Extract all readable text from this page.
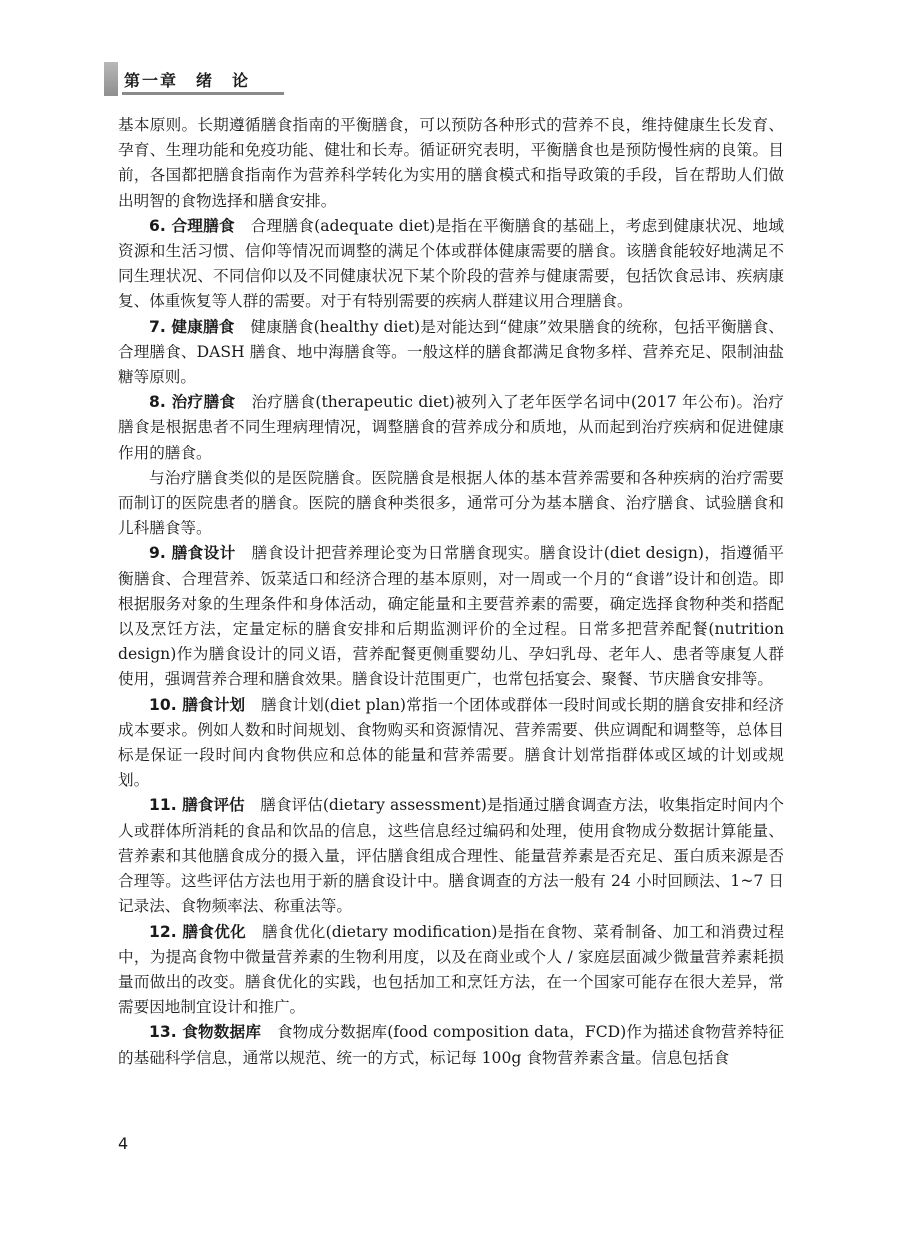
第一章　绪　论

基本原则。长期遵循膳食指南的平衡膳食，可以预防各种形式的营养不良，维持健康生长发育、孕育、生理功能和免疫功能、健壮和长寿。循证研究表明，平衡膳食也是预防慢性病的良策。目前，各国都把膳食指南作为营养科学转化为实用的膳食模式和指导政策的手段，旨在帮助人们做出明智的食物选择和膳食安排。

6. 合理膳食　 合理膳食(adequate diet)是指在平衡膳食的基础上，考虑到健康状况、地域资源和生活习惯、信仰等情况而调整的满足个体或群体健康需要的膳食。该膳食能较好地满足不同生理状况、不同信仰以及不同健康状况下某个阶段的营养与健康需要，包括饮食忌讳、疾病康复、体重恢复等人群的需要。对于有特别需要的疾病人群建议用合理膳食。

7. 健康膳食　 健康膳食(healthy diet)是对能达到“健康”效果膳食的统称，包括平衡膳食、合理膳食、DASH 膳食、地中海膳食等。一般这样的膳食都满足食物多样、营养充足、限制油盐糖等原则。

8. 治疗膳食　 治疗膳食(therapeutic diet)被列入了老年医学名词中(2017 年公布)。治疗膳食是根据患者不同生理病理情况，调整膳食的营养成分和质地，从而起到治疗疾病和促进健康作用的膳食。

与治疗膳食类似的是医院膳食。医院膳食是根据人体的基本营养需要和各种疾病的治疗需要而制订的医院患者的膳食。医院的膳食种类很多，通常可分为基本膳食、治疗膳食、试验膳食和儿科膳食等。

9. 膳食设计　 膳食设计把营养理论变为日常膳食现实。膳食设计(diet design)，指遵循平衡膳食、合理营养、饭菜适口和经济合理的基本原则，对一周或一个月的“食谱”设计和创造。即根据服务对象的生理条件和身体活动，确定能量和主要营养素的需要，确定选择食物种类和搭配以及烹饪方法，定量定标的膳食安排和后期监测评价的全过程。日常多把营养配餐(nutrition design)作为膳食设计的同义语，营养配餐更侧重婴幼儿、孕妇乳母、老年人、患者等康复人群使用，强调营养合理和膳食效果。膳食设计范围更广，也常包括宴会、聚餐、节庆膳食安排等。

10. 膳食计划　 膳食计划(diet plan)常指一个团体或群体一段时间或长期的膳食安排和经济成本要求。例如人数和时间规划、食物购买和资源情况、营养需要、供应调配和调整等，总体目标是保证一段时间内食物供应和总体的能量和营养需要。膳食计划常指群体或区域的计划或规划。

11. 膳食评估　 膳食评估(dietary assessment)是指通过膳食调查方法，收集指定时间内个人或群体所消耗的食品和饮品的信息，这些信息经过编码和处理，使用食物成分数据计算能量、营养素和其他膳食成分的摄入量，评估膳食组成合理性、能量营养素是否充足、蛋白质来源是否合理等。这些评估方法也用于新的膳食设计中。膳食调查的方法一般有 24 小时回顾法、1~7 日记录法、食物频率法、称重法等。

12. 膳食优化　 膳食优化(dietary modification)是指在食物、菜肴制备、加工和消费过程中，为提高食物中微量营养素的生物利用度，以及在商业或个人 / 家庭层面减少微量营养素耗损量而做出的改变。膳食优化的实践，也包括加工和烹饪方法，在一个国家可能存在很大差异，常需要因地制宜设计和推广。

13. 食物数据库　 食物成分数据库(food composition data，FCD)作为描述食物营养特征的基础科学信息，通常以规范、统一的方式，标记每 100g 食物营养素含量。信息包括食

4
